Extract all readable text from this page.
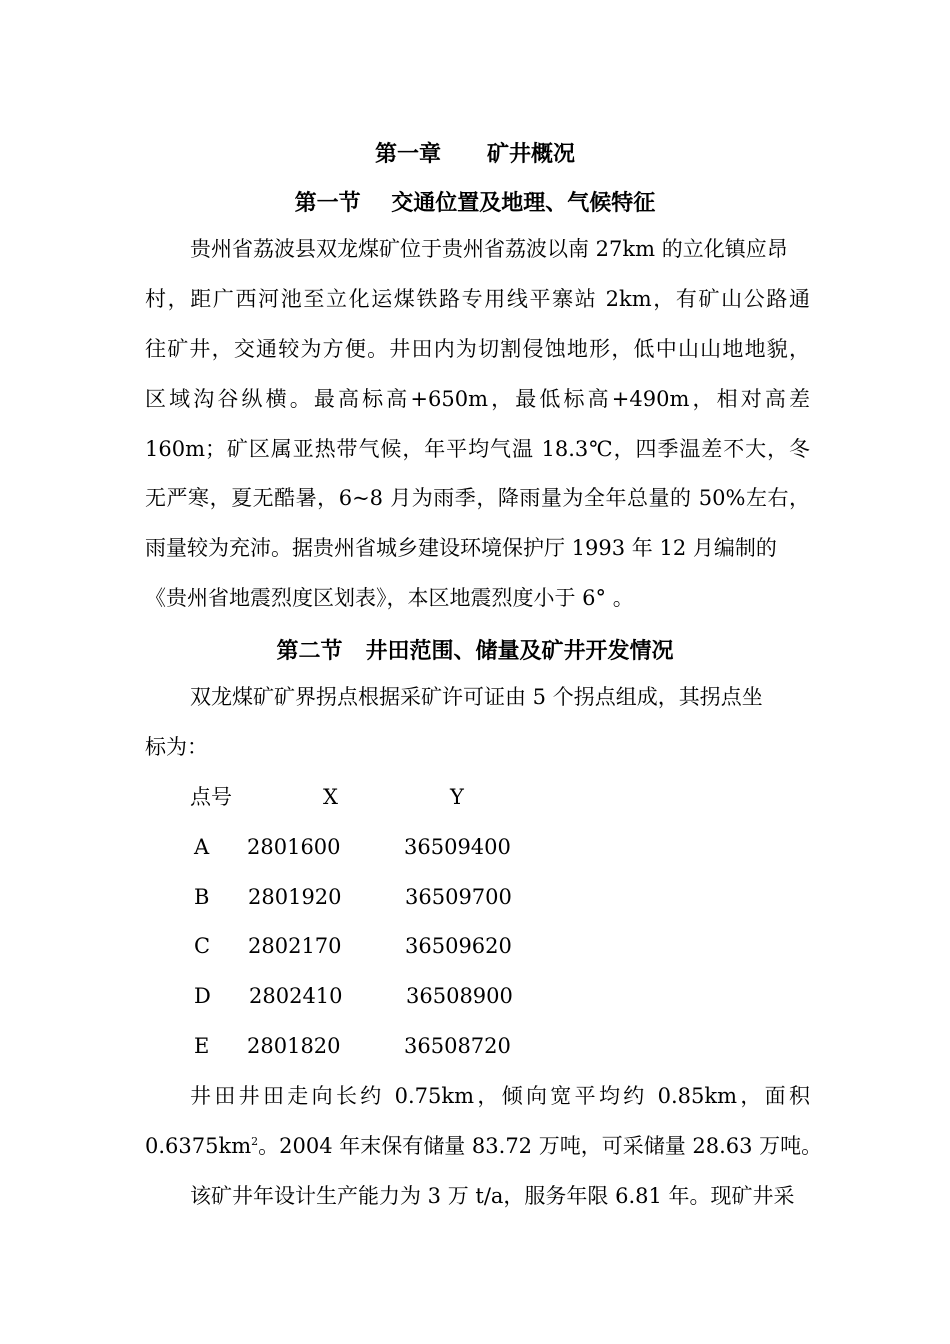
第一章      矿井概况
第一节    交通位置及地理、气候特征
贵州省荔波县双龙煤矿位于贵州省荔波以南 27km 的立化镇应昂
村，距广西河池至立化运煤铁路专用线平寨站 2km，有矿山公路通
往矿井，交通较为方便。井田内为切割侵蚀地形，低中山山地地貌，
区域沟谷纵横。最高标高+650m，最低标高+490m，相对高差
160m；矿区属亚热带气候，年平均气温 18.3℃，四季温差不大，冬
无严寒，夏无酷暑，6~8 月为雨季，降雨量为全年总量的 50%左右，
雨量较为充沛。据贵州省城乡建设环境保护厅 1993 年 12 月编制的
《贵州省地震烈度区划表》，本区地震烈度小于 6° 。
第二节   井田范围、储量及矿井开发情况
双龙煤矿矿界拐点根据采矿许可证由 5 个拐点组成，其拐点坐
标为：
点号	X	Y
A 2801600	36509400
B 2801920	36509700
C 2802170	36509620
D 2802410	36508900
E 2801820	36508720
井田井田走向长约 0.75km，倾向宽平均约 0.85km，面积
$0.6375km^2$。2004 年末保有储量 83.72 万吨，可采储量 28.63 万吨。
该矿井年设计生产能力为 3 万 t/a，服务年限 6.81 年。现矿井采
